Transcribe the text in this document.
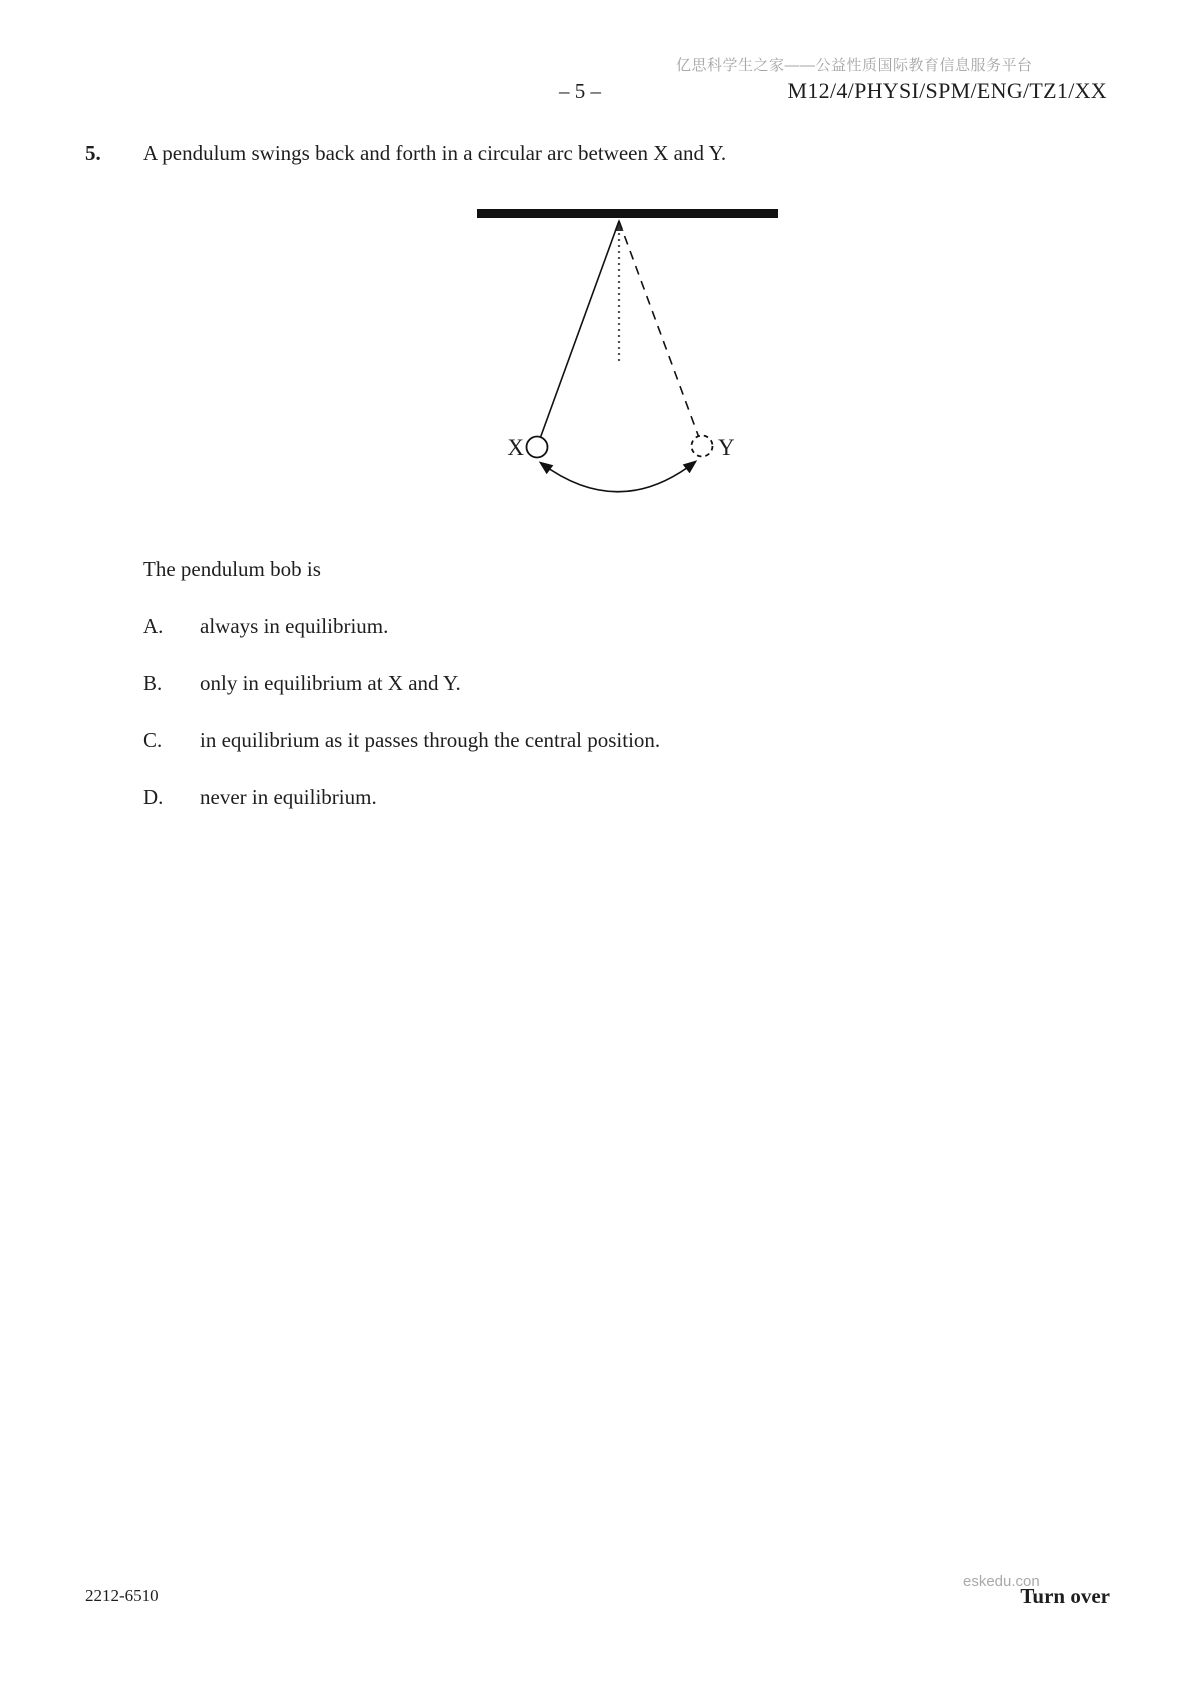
亿思科学生之家——公益性质国际教育信息服务平台
– 5 –	M12/4/PHYSI/SPM/ENG/TZ1/XX
5. A pendulum swings back and forth in a circular arc between X and Y.
X	Y
The pendulum bob is
A. always in equilibrium.
B. only in equilibrium at X and Y.
C. in equilibrium as it passes through the central position.
D. never in equilibrium.
2212-6510
eskedu.con
Turn over
